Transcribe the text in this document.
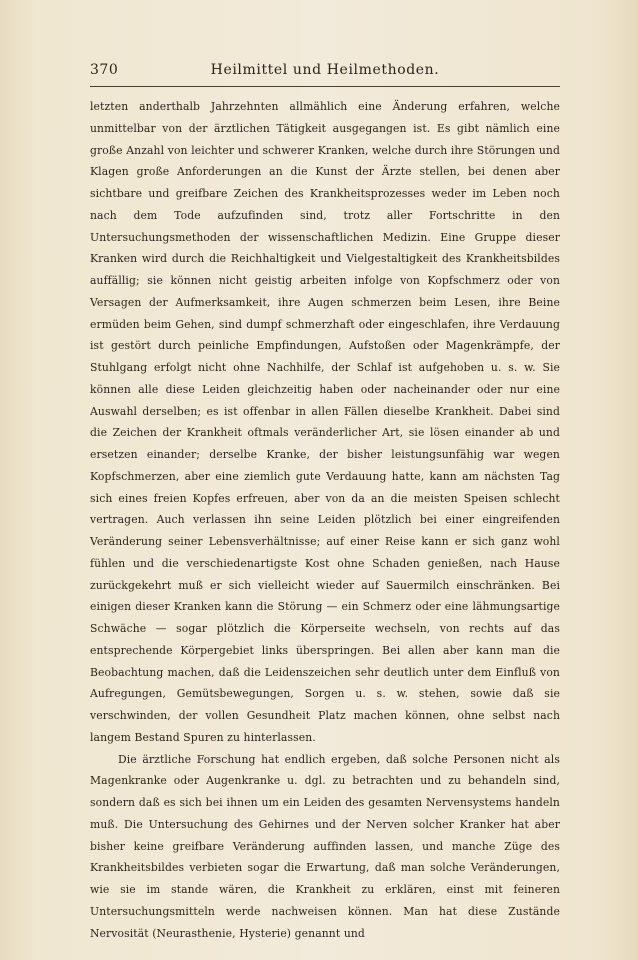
370	Heilmittel und Heilmethoden.

letzten anderthalb Jahrzehnten allmählich eine Änderung erfahren, welche unmittelbar von der ärztlichen Tätigkeit ausgegangen ist. Es gibt nämlich eine große Anzahl von leichter und schwerer Kranken, welche durch ihre Störungen und Klagen große Anforderungen an die Kunst der Ärzte stellen, bei denen aber sichtbare und greifbare Zeichen des Krankheitsprozesses weder im Leben noch nach dem Tode aufzufinden sind, trotz aller Fortschritte in den Untersuchungsmethoden der wissenschaftlichen Medizin. Eine Gruppe dieser Kranken wird durch die Reichhaltigkeit und Vielgestaltigkeit des Krankheitsbildes auffällig; sie können nicht geistig arbeiten infolge von Kopfschmerz oder von Versagen der Aufmerksamkeit, ihre Augen schmerzen beim Lesen, ihre Beine ermüden beim Gehen, sind dumpf schmerzhaft oder eingeschlafen, ihre Verdauung ist gestört durch peinliche Empfindungen, Aufstoßen oder Magenkrämpfe, der Stuhlgang erfolgt nicht ohne Nachhilfe, der Schlaf ist aufgehoben u. s. w. Sie können alle diese Leiden gleichzeitig haben oder nacheinander oder nur eine Auswahl derselben; es ist offenbar in allen Fällen dieselbe Krankheit. Dabei sind die Zeichen der Krankheit oftmals veränderlicher Art, sie lösen einander ab und ersetzen einander; derselbe Kranke, der bisher leistungsunfähig war wegen Kopfschmerzen, aber eine ziemlich gute Verdauung hatte, kann am nächsten Tag sich eines freien Kopfes erfreuen, aber von da an die meisten Speisen schlecht vertragen. Auch verlassen ihn seine Leiden plötzlich bei einer eingreifenden Veränderung seiner Lebensverhältnisse; auf einer Reise kann er sich ganz wohl fühlen und die verschiedenartigste Kost ohne Schaden genießen, nach Hause zurückgekehrt muß er sich vielleicht wieder auf Sauermilch einschränken. Bei einigen dieser Kranken kann die Störung — ein Schmerz oder eine lähmungsartige Schwäche — sogar plötzlich die Körperseite wechseln, von rechts auf das entsprechende Körpergebiet links überspringen. Bei allen aber kann man die Beobachtung machen, daß die Leidenszeichen sehr deutlich unter dem Einfluß von Aufregungen, Gemütsbewegungen, Sorgen u. s. w. stehen, sowie daß sie verschwinden, der vollen Gesundheit Platz machen können, ohne selbst nach langem Bestand Spuren zu hinterlassen.

Die ärztliche Forschung hat endlich ergeben, daß solche Personen nicht als Magenkranke oder Augenkranke u. dgl. zu betrachten und zu behandeln sind, sondern daß es sich bei ihnen um ein Leiden des gesamten Nervensystems handeln muß. Die Untersuchung des Gehirnes und der Nerven solcher Kranker hat aber bisher keine greifbare Veränderung auffinden lassen, und manche Züge des Krankheitsbildes verbieten sogar die Erwartung, daß man solche Veränderungen, wie sie im stande wären, die Krankheit zu erklären, einst mit feineren Untersuchungsmitteln werde nachweisen können. Man hat diese Zustände Nervosität (Neurasthenie, Hysterie) genannt und
